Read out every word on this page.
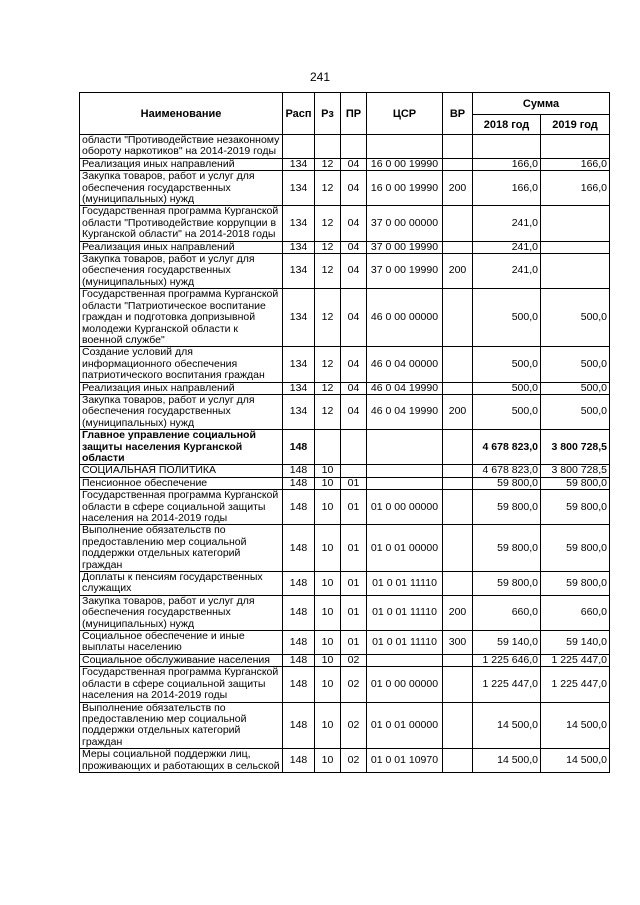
241
Наименование	Расп	Рз	ПР	ЦСР	ВР	Сумма	
						2018 год	2019 год
области "Противодействие незаконному обороту наркотиков" на 2014-2019 годы							
Реализация иных направлений	134	12	04	16 0 00 19990		166,0	166,0
Закупка товаров, работ и услуг для обеспечения государственных (муниципальных) нужд	134	12	04	16 0 00 19990	200	166,0	166,0
Государственная программа Курганской области "Противодействие коррупции в Курганской области" на 2014-2018 годы	134	12	04	37 0 00 00000		241,0	
Реализация иных направлений	134	12	04	37 0 00 19990		241,0	
Закупка товаров, работ и услуг для обеспечения государственных (муниципальных) нужд	134	12	04	37 0 00 19990	200	241,0	
Государственная программа Курганской области "Патриотическое воспитание граждан и подготовка допризывной молодежи Курганской области к военной службе"	134	12	04	46 0 00 00000		500,0	500,0
Создание условий для информационного обеспечения патриотического воспитания граждан	134	12	04	46 0 04 00000		500,0	500,0
Реализация иных направлений	134	12	04	46 0 04 19990		500,0	500,0
Закупка товаров, работ и услуг для обеспечения государственных (муниципальных) нужд	134	12	04	46 0 04 19990	200	500,0	500,0
Главное управление социальной защиты населения Курганской области	148					4 678 823,0	3 800 728,5
СОЦИАЛЬНАЯ ПОЛИТИКА	148	10				4 678 823,0	3 800 728,5
Пенсионное обеспечение	148	10	01			59 800,0	59 800,0
Государственная программа Курганской области в сфере социальной защиты населения на 2014-2019 годы	148	10	01	01 0 00 00000		59 800,0	59 800,0
Выполнение обязательств по предоставлению мер социальной поддержки отдельных категорий граждан	148	10	01	01 0 01 00000		59 800,0	59 800,0
Доплаты к пенсиям государственных служащих	148	10	01	01 0 01 11110		59 800,0	59 800,0
Закупка товаров, работ и услуг для обеспечения государственных (муниципальных) нужд	148	10	01	01 0 01 11110	200	660,0	660,0
Социальное обеспечение и иные выплаты населению	148	10	01	01 0 01 11110	300	59 140,0	59 140,0
Социальное обслуживание населения	148	10	02			1 225 646,0	1 225 447,0
Государственная программа Курганской области в сфере социальной защиты населения на 2014-2019 годы	148	10	02	01 0 00 00000		1 225 447,0	1 225 447,0
Выполнение обязательств по предоставлению мер социальной поддержки отдельных категорий граждан	148	10	02	01 0 01 00000		14 500,0	14 500,0
Меры социальной поддержки лиц, проживающих и работающих в сельской	148	10	02	01 0 01 10970		14 500,0	14 500,0
